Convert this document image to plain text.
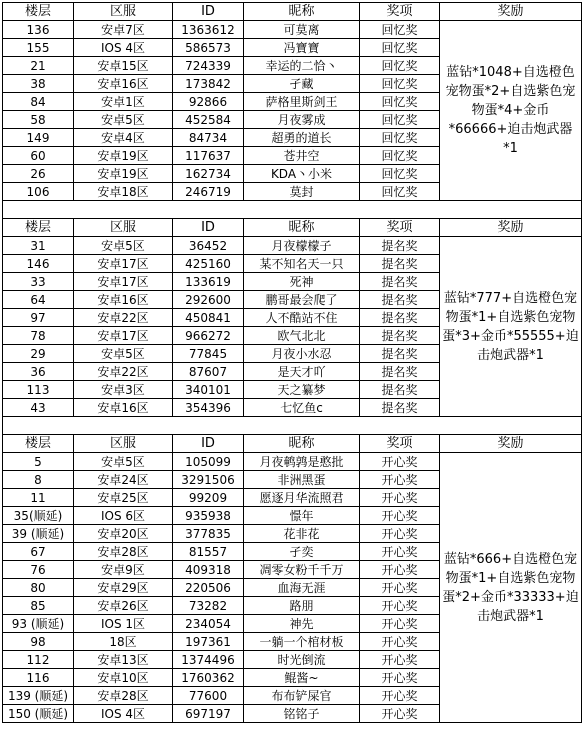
楼层	区服	ID	昵称	奖项	奖励
136	安卓7区	1363612	可莫离	回忆奖	蓝钻*1048+自选橙色宠物蛋*2+自选紫色宠物蛋*4+金币*66666+迫击炮武器*1
155	IOS 4区	586573	冯寶寶	回忆奖	
21	安卓15区	724339	幸运的二恰丶	回忆奖	
38	安卓16区	173842	孑藏	回忆奖	
84	安卓1区	92866	萨格里斯剑王	回忆奖	
58	安卓5区	452584	月夜雾成	回忆奖	
149	安卓4区	84734	超勇的道长	回忆奖	
60	安卓19区	117637	苍井空	回忆奖	
26	安卓19区	162734	KDA丶小米	回忆奖	
106	安卓18区	246719	莫封	回忆奖	

楼层	区服	ID	昵称	奖项	奖励
31	安卓5区	36452	月夜檬檬子	提名奖	蓝钻*777+自选橙色宠物蛋*1+自选紫色宠物蛋*3+金币*55555+迫击炮武器*1
146	安卓17区	425160	某不知名天一只	提名奖	
33	安卓17区	133619	死神	提名奖	
64	安卓16区	292600	鹏哥最会爬了	提名奖	
97	安卓22区	450841	人不酷站不住	提名奖	
78	安卓17区	966272	欧气北北	提名奖	
29	安卓5区	77845	月夜小水忍	提名奖	
36	安卓22区	87607	是天才吖	提名奖	
113	安卓3区	340101	天之纂梦	提名奖	
43	安卓16区	354396	七忆鱼c	提名奖	

楼层	区服	ID	昵称	奖项	奖励
5	安卓5区	105099	月夜鹌鹑是憨批	开心奖	蓝钻*666+自选橙色宠物蛋*1+自选紫色宠物蛋*2+金币*33333+迫击炮武器*1
8	安卓24区	3291506	非洲黑蛋	开心奖	
11	安卓25区	99209	愿逐月华流照君	开心奖	
35(顺延)	IOS 6区	935938	憬年	开心奖	
39 (顺延)	安卓20区	377835	花非花	开心奖	
67	安卓28区	81557	孑奕	开心奖	
76	安卓9区	409318	凋零女粉千千万	开心奖	
80	安卓29区	220506	血海无涯	开心奖	
85	安卓26区	73282	路朋	开心奖	
93 (顺延)	IOS 1区	234054	神先	开心奖	
98	18区	197361	一躺一个棺材板	开心奖	
112	安卓13区	1374496	时光倒流	开心奖	
116	安卓10区	1760362	鲲酱~	开心奖	
139 (顺延)	安卓28区	77600	布布铲屎官	开心奖	
150 (顺延)	IOS 4区	697197	铭铭子	开心奖	
